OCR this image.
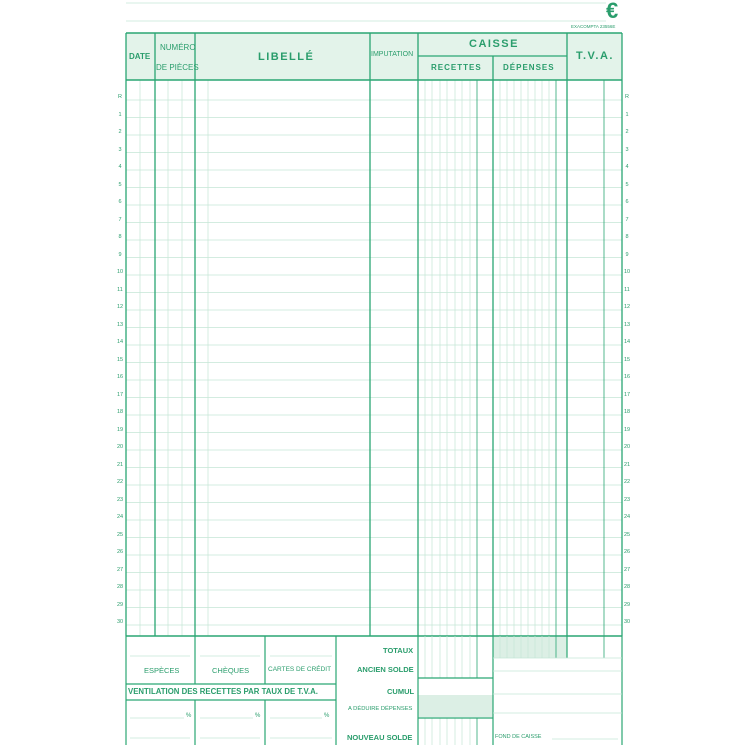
€
EXACOMPTA 23556E
DATE
NUMÉRO
DE PIÈCES
LIBELLÉ	IMPUTATION
CAISSE
RECETTES	DÉPENSES
T.V.A.
R	R
1	1
2	2
3	3
4	4
5	5
6	6
7	7
8	8
9	9
10	10
11	11
12	12
13	13
14	14
15	15
16	16
17	17
18	18
19	19
20	20
21	21
22	22
23	23
24	24
25	25
26	26
27	27
28	28
29	29
30	30
ESPÈCES	CHÈQUES	CARTES DE CRÉDIT
VENTILATION DES RECETTES PAR TAUX DE T.V.A.
%	%	%
TOTAUX
ANCIEN SOLDE
CUMUL
A DÉDUIRE DÉPENSES
NOUVEAU SOLDE	FOND DE CAISSE
